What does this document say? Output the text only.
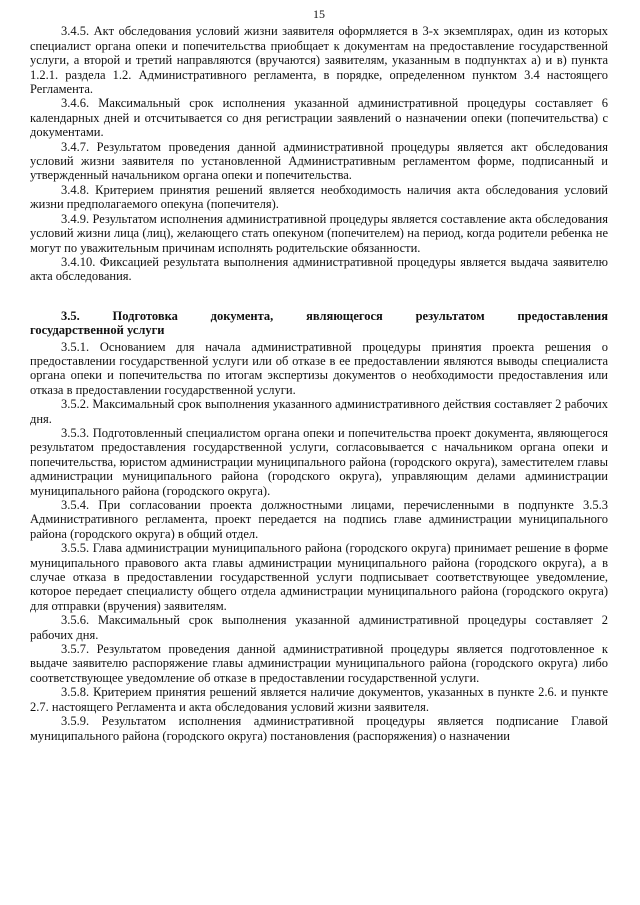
15

3.4.5. Акт обследования условий жизни заявителя оформляется в 3-х экземплярах, один из которых специалист органа опеки и попечительства приобщает к документам на предоставление государственной услуги, а второй и третий направляются (вручаются) заявителям, указанным в подпунктах а) и в) пункта 1.2.1. раздела 1.2. Административного регламента, в порядке, определенном пунктом 3.4 настоящего Регламента.

3.4.6. Максимальный срок исполнения указанной административной процедуры составляет 6 календарных дней и отсчитывается со дня регистрации заявлений о назначении опеки (попечительства) с документами.

3.4.7. Результатом проведения данной административной процедуры является акт обследования условий жизни заявителя по установленной Административным регламентом форме, подписанный и утвержденный начальником органа опеки и попечительства.

3.4.8. Критерием принятия решений является необходимость наличия акта обследования условий жизни предполагаемого опекуна (попечителя).

3.4.9. Результатом исполнения административной процедуры является составление акта обследования условий жизни лица (лиц), желающего стать опекуном (попечителем) на период, когда родители ребенка не могут по уважительным причинам исполнять родительские обязанности.

3.4.10. Фиксацией результата выполнения административной процедуры является выдача заявителю акта обследования.

3.5.	Подготовка	документа,	являющегося	результатом	предоставления
государственной услуги

3.5.1. Основанием для начала административной процедуры принятия проекта решения о предоставлении государственной услуги или об отказе в ее предоставлении являются выводы специалиста органа опеки и попечительства по итогам экспертизы документов о необходимости предоставления или отказа в предоставлении государственной услуги.

3.5.2. Максимальный срок выполнения указанного административного действия составляет 2 рабочих дня.

3.5.3. Подготовленный специалистом органа опеки и попечительства проект документа, являющегося результатом предоставления государственной услуги, согласовывается с начальником органа опеки и попечительства, юристом администрации муниципального района (городского округа), заместителем главы администрации муниципального района (городского округа), управляющим делами администрации муниципального района (городского округа).

3.5.4. При согласовании проекта должностными лицами, перечисленными в подпункте 3.5.3 Административного регламента, проект передается на подпись главе администрации муниципального района (городского округа) в общий отдел.

3.5.5. Глава администрации муниципального района (городского округа) принимает решение в форме муниципального правового акта главы администрации муниципального района (городского округа), а в случае отказа в предоставлении государственной услуги подписывает соответствующее уведомление, которое передает специалисту общего отдела администрации муниципального района (городского округа) для отправки (вручения) заявителям.

3.5.6. Максимальный срок выполнения указанной административной процедуры составляет 2 рабочих дня.

3.5.7. Результатом проведения данной административной процедуры является подготовленное к выдаче заявителю распоряжение главы администрации муниципального района (городского округа) либо соответствующее уведомление об отказе в предоставлении государственной услуги.

3.5.8. Критерием принятия решений является наличие документов, указанных в пункте 2.6. и пункте 2.7. настоящего Регламента и акта обследования условий жизни заявителя.

3.5.9. Результатом исполнения административной процедуры является подписание Главой муниципального района (городского округа) постановления (распоряжения) о назначении
